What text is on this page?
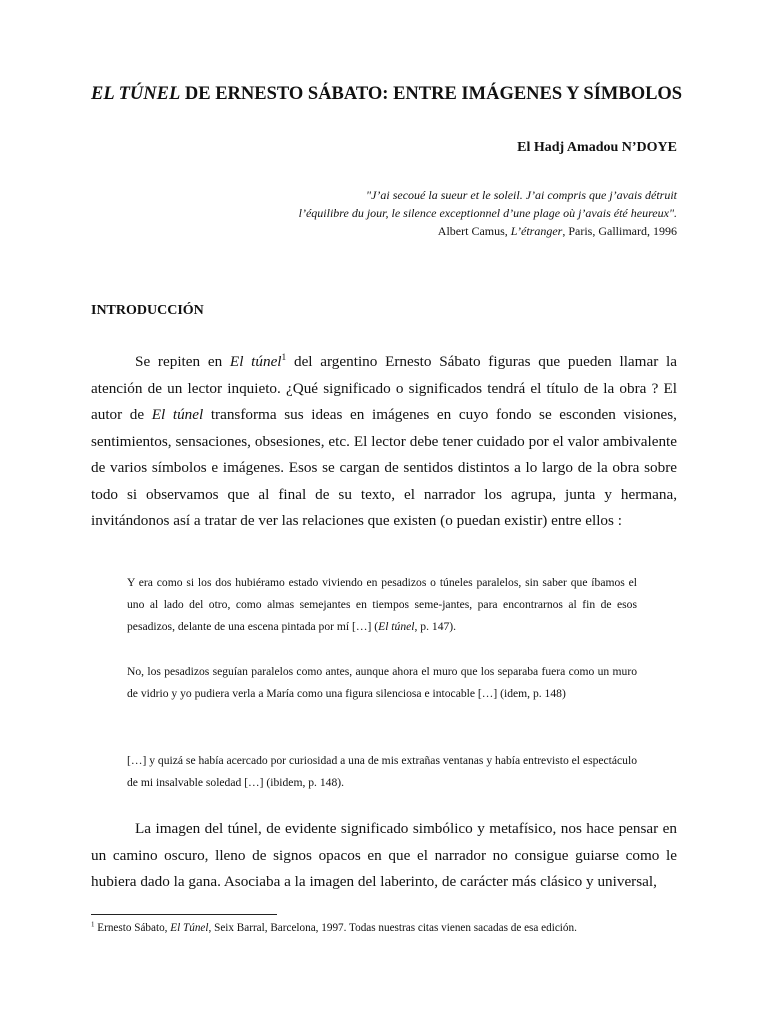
EL TÚNEL DE ERNESTO SÁBATO: ENTRE IMÁGENES Y SÍMBOLOS
El Hadj Amadou N’DOYE
"J’ai secoué la sueur et le soleil. J’ai compris que j’avais détruit
l’équilibre du jour, le silence exceptionnel d’une plage où j’avais été heureux".
Albert Camus, L’étranger, Paris, Gallimard, 1996
INTRODUCCIÓN

Se repiten en El túnel$^1$ del argentino Ernesto Sábato figuras que pueden llamar la atención de un lector inquieto. ¿Qué significado o significados tendrá el título de la obra ? El autor de El túnel transforma sus ideas en imágenes en cuyo fondo se esconden visiones, sentimientos, sensaciones, obsesiones, etc. El lector debe tener cuidado por el valor ambivalente de varios símbolos e imágenes. Esos se cargan de sentidos distintos a lo largo de la obra sobre todo si observamos que al final de su texto, el narrador los agrupa, junta y hermana, invitándonos así a tratar de ver las relaciones que existen (o puedan existir) entre ellos :

Y era como si los dos hubiéramo estado viviendo en pesadizos o túneles paralelos, sin saber que íbamos el uno al lado del otro, como almas semejantes en tiempos seme-jantes, para encontrarnos al fin de esos pesadizos, delante de una escena pintada por mí […] (El túnel, p. 147).

No, los pesadizos seguían paralelos como antes, aunque ahora el muro que los separaba fuera como un muro de vidrio y yo pudiera verla a María como una figura silenciosa e intocable […] (idem, p. 148)

[…] y quizá se había acercado por curiosidad a una de mis extrañas ventanas y había entrevisto el espectáculo de mi insalvable soledad […] (ibidem, p. 148).

La imagen del túnel, de evidente significado simbólico y metafísico, nos hace pensar en un camino oscuro, lleno de signos opacos en que el narrador no consigue guiarse como le hubiera dado la gana. Asociaba a la imagen del laberinto, de carácter más clásico y universal,

$^1$ Ernesto Sábato, El Túnel, Seix Barral, Barcelona, 1997. Todas nuestras citas vienen sacadas de esa edición.
